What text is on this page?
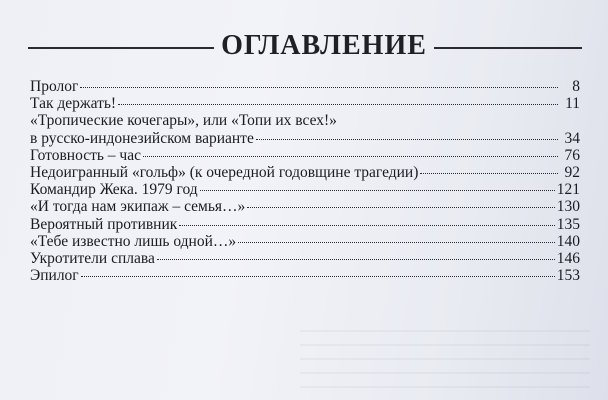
ОГЛАВЛЕНИЕ
Пролог	8
Так держать!	11
«Тропические кочегары», или «Топи их всех!»
в русско-индонезийском варианте	34
Готовность – час	76
Недоигранный «гольф» (к очередной годовщине трагедии)	92
Командир Жека. 1979 год	121
«И тогда нам экипаж – семья…»	130
Вероятный противник	135
«Тебе известно лишь одной…»	140
Укротители сплава	146
Эпилог	153
